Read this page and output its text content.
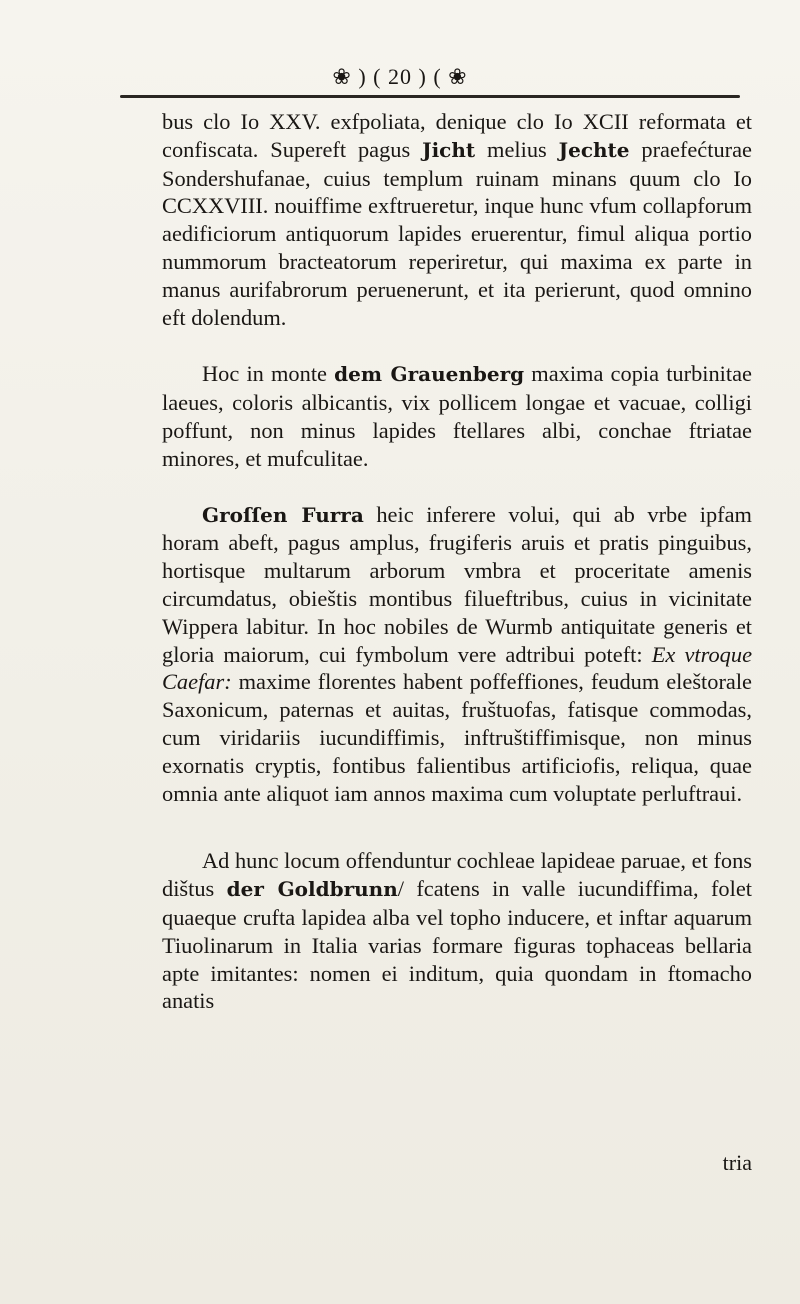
❀ ) ( 20 ) ( ❀

bus clo Io XXV. exfpoliata, denique clo Io XCII reformata et confiscata. Supereft pagus Jicht melius Jechte praefećturae Sondershufanae, cuius templum ruinam minans quum clo Io CCXXVIII. nouiffime exftrueretur, inque hunc vfum collapforum aedificiorum antiquorum lapides eruerentur, fimul aliqua portio nummorum bracteatorum reperiretur, qui maxima ex parte in manus aurifabrorum peruenerunt, et ita perierunt, quod omnino eft dolendum.

Hoc in monte dem Grauenberg maxima copia turbinitae laeues, coloris albicantis, vix pollicem longae et vacuae, colligi poffunt, non minus lapides ftellares albi, conchae ftriatae minores, et mufculitae.

Groſſen Furra heic inferere volui, qui ab vrbe ipfam horam abeft, pagus amplus, frugiferis aruis et pratis pinguibus, hortisque multarum arborum vmbra et proceritate amenis circumdatus, obieštis montibus filueftribus, cuius in vicinitate Wippera labitur. In hoc nobiles de Wurmb antiquitate generis et gloria maiorum, cui fymbolum vere adtribui poteft: Ex vtroque Caefar: maxime florentes habent poffeffiones, feudum eleštorale Saxonicum, paternas et auitas, fruštuofas, fatisque commodas, cum viridariis iucundiffimis, inftruštiffimisque, non minus exornatis cryptis, fontibus falientibus artificiofis, reliqua, quae omnia ante aliquot iam annos maxima cum voluptate perluftraui.

Ad hunc locum offenduntur cochleae lapideae paruae, et fons dištus der Goldbrunn/ fcatens in valle iucundiffima, folet quaeque crufta lapidea alba vel topho inducere, et inftar aquarum Tiuolinarum in Italia varias formare figuras tophaceas bellaria apte imitantes: nomen ei inditum, quia quondam in ftomacho anatis

tria
